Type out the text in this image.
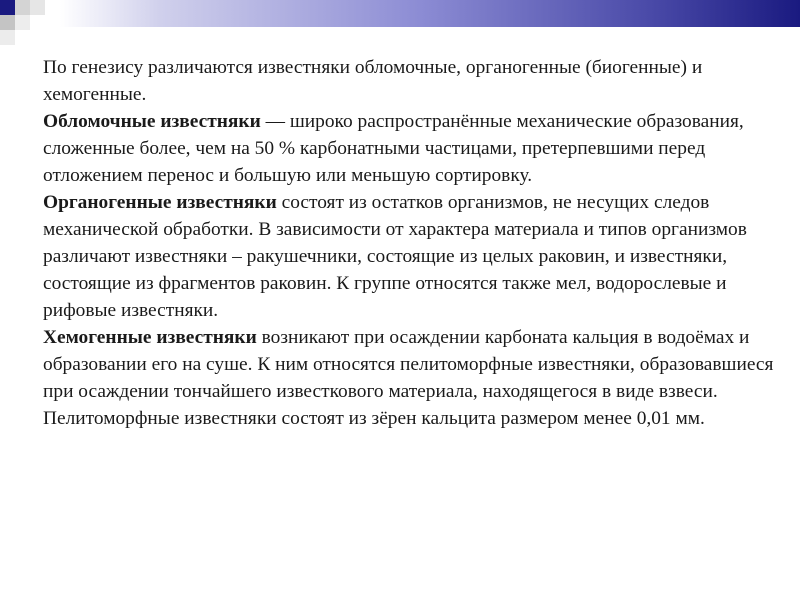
По генезису различаются известняки обломочные, органогенные (биогенные) и хемогенные.

Обломочные известняки — широко распространённые механические образования, сложенные более, чем на 50 % карбонатными частицами, претерпевшими перед отложением перенос и большую или меньшую сортировку.

Органогенные известняки состоят из остатков организмов, не несущих следов механической обработки. В зависимости от характера материала и типов организмов различают известняки – ракушечники, состоящие из целых раковин, и известняки, состоящие из фрагментов раковин. К группе относятся также мел, водорослевые и рифовые известняки.

Хемогенные известняки возникают при осаждении карбоната кальция в водоёмах и образовании его на суше. К ним относятся пелитоморфные известняки, образовавшиеся при осаждении тончайшего известкового материала, находящегося в виде взвеси. Пелитоморфные известняки состоят из зёрен кальцита размером менее 0,01 мм.
